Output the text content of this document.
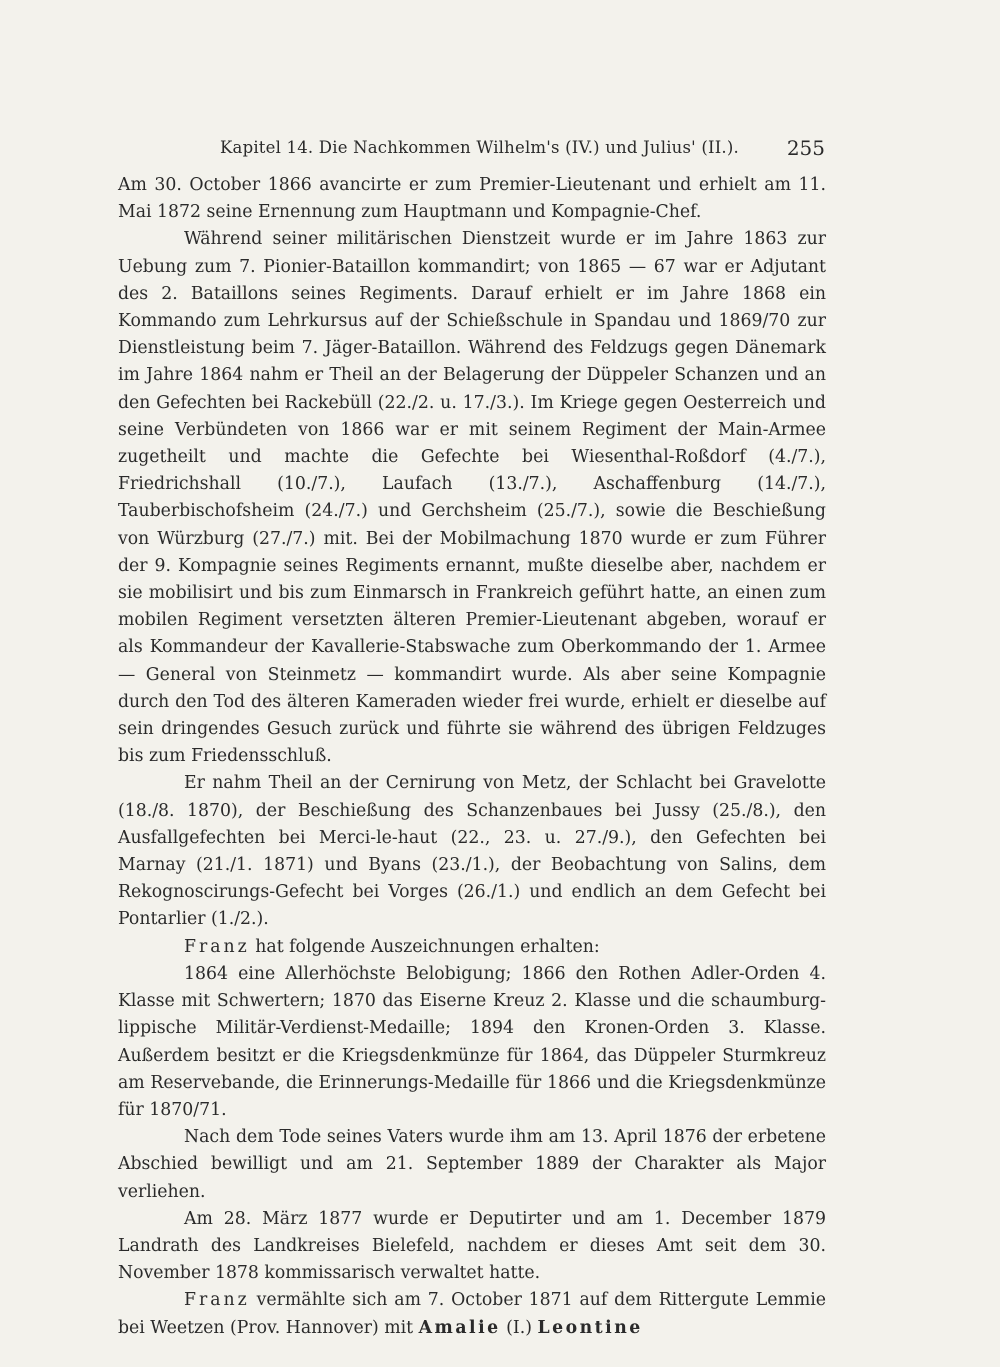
Kapitel 14. Die Nachkommen Wilhelm's (IV.) und Julius' (II.). 255

Am 30. October 1866 avancirte er zum Premier-Lieutenant und erhielt am 11. Mai 1872 seine Ernennung zum Hauptmann und Kompagnie-Chef.

Während seiner militärischen Dienstzeit wurde er im Jahre 1863 zur Uebung zum 7. Pionier-Bataillon kommandirt; von 1865 — 67 war er Adjutant des 2. Bataillons seines Regiments. Darauf erhielt er im Jahre 1868 ein Kommando zum Lehrkursus auf der Schießschule in Spandau und 1869/70 zur Dienstleistung beim 7. Jäger-Bataillon. Während des Feldzugs gegen Dänemark im Jahre 1864 nahm er Theil an der Belagerung der Düppeler Schanzen und an den Gefechten bei Rackebüll (22./2. u. 17./3.). Im Kriege gegen Oesterreich und seine Verbündeten von 1866 war er mit seinem Regiment der Main-Armee zugetheilt und machte die Gefechte bei Wiesenthal-Roßdorf (4./7.), Friedrichshall (10./7.), Laufach (13./7.), Aschaffenburg (14./7.), Tauberbischofsheim (24./7.) und Gerchsheim (25./7.), sowie die Beschießung von Würzburg (27./7.) mit. Bei der Mobilmachung 1870 wurde er zum Führer der 9. Kompagnie seines Regiments ernannt, mußte dieselbe aber, nachdem er sie mobilisirt und bis zum Einmarsch in Frankreich geführt hatte, an einen zum mobilen Regiment versetzten älteren Premier-Lieutenant abgeben, worauf er als Kommandeur der Kavallerie-Stabswache zum Oberkommando der 1. Armee — General von Steinmetz — kommandirt wurde. Als aber seine Kompagnie durch den Tod des älteren Kameraden wieder frei wurde, erhielt er dieselbe auf sein dringendes Gesuch zurück und führte sie während des übrigen Feldzuges bis zum Friedensschluß.

Er nahm Theil an der Cernirung von Metz, der Schlacht bei Gravelotte (18./8. 1870), der Beschießung des Schanzenbaues bei Jussy (25./8.), den Ausfallgefechten bei Merci-le-haut (22., 23. u. 27./9.), den Gefechten bei Marnay (21./1. 1871) und Byans (23./1.), der Beobachtung von Salins, dem Rekognoscirungs-Gefecht bei Vorges (26./1.) und endlich an dem Gefecht bei Pontarlier (1./2.).

Franz hat folgende Auszeichnungen erhalten:

1864 eine Allerhöchste Belobigung; 1866 den Rothen Adler-Orden 4. Klasse mit Schwertern; 1870 das Eiserne Kreuz 2. Klasse und die schaumburg-lippische Militär-Verdienst-Medaille; 1894 den Kronen-Orden 3. Klasse. Außerdem besitzt er die Kriegsdenkmünze für 1864, das Düppeler Sturmkreuz am Reservebande, die Erinnerungs-Medaille für 1866 und die Kriegsdenkmünze für 1870/71.

Nach dem Tode seines Vaters wurde ihm am 13. April 1876 der erbetene Abschied bewilligt und am 21. September 1889 der Charakter als Major verliehen.

Am 28. März 1877 wurde er Deputirter und am 1. December 1879 Landrath des Landkreises Bielefeld, nachdem er dieses Amt seit dem 30. November 1878 kommissarisch verwaltet hatte.

Franz vermählte sich am 7. October 1871 auf dem Rittergute Lemmie bei Weetzen (Prov. Hannover) mit Amalie (I.) Leontine
